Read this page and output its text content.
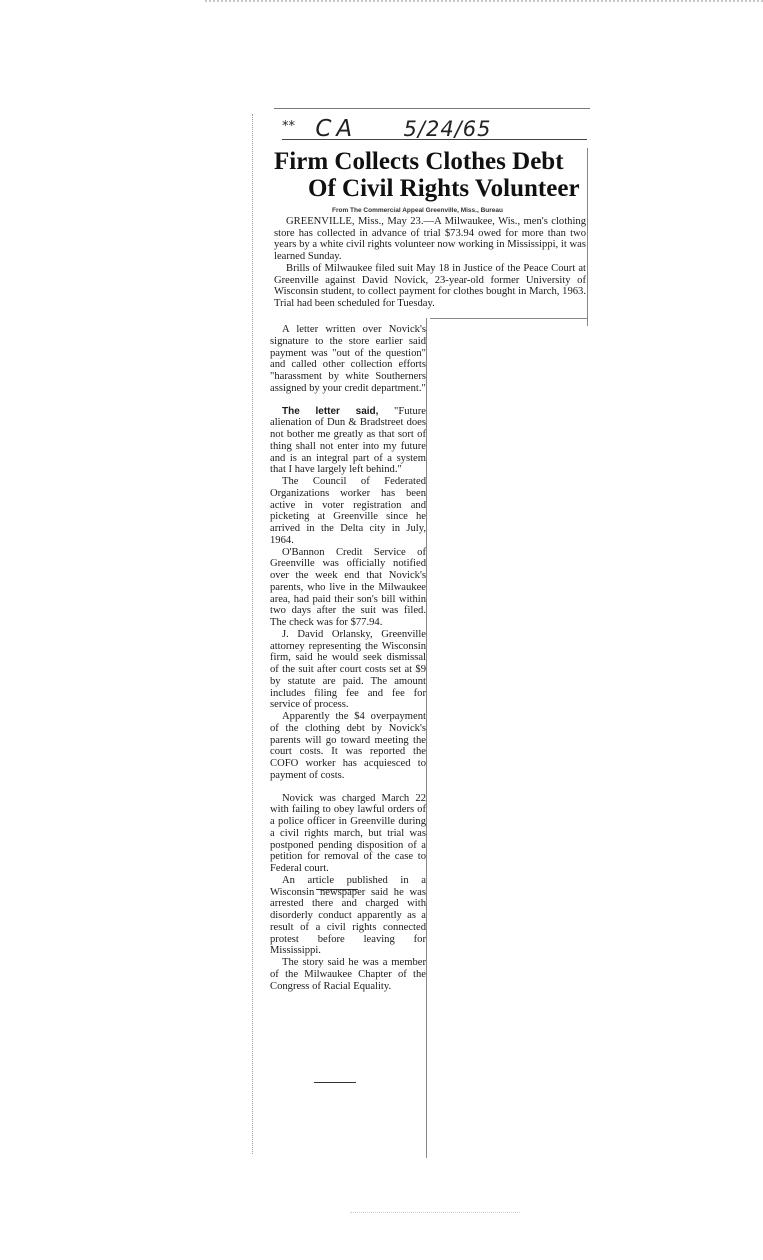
** CA 5/24/65
Firm Collects Clothes Debt
Of Civil Rights Volunteer
From The Commercial Appeal Greenville, Miss., Bureau

GREENVILLE, Miss., May 23.—A Milwaukee, Wis., men's clothing store has collected in advance of trial $73.94 owed for more than two years by a white civil rights volunteer now working in Mississippi, it was learned Sunday.

Brills of Milwaukee filed suit May 18 in Justice of the Peace Court at Greenville against David Novick, 23-year-old former University of Wisconsin student, to collect payment for clothes bought in March, 1963. Trial had been scheduled for Tuesday.

A letter written over Novick's signature to the store earlier said payment was "out of the question" and called other collection efforts "harassment by white Southerners assigned by your credit department."

The letter said, "Future alienation of Dun & Bradstreet does not bother me greatly as that sort of thing shall not enter into my future and is an integral part of a system that I have largely left behind."

The Council of Federated Organizations worker has been active in voter registration and picketing at Greenville since he arrived in the Delta city in July, 1964.

O'Bannon Credit Service of Greenville was officially notified over the week end that Novick's parents, who live in the Milwaukee area, had paid their son's bill within two days after the suit was filed. The check was for $77.94.

J. David Orlansky, Greenville attorney representing the Wisconsin firm, said he would seek dismissal of the suit after court costs set at $9 by statute are paid. The amount includes filing fee and fee for service of process.

Apparently the $4 overpayment of the clothing debt by Novick's parents will go toward meeting the court costs. It was reported the COFO worker has acquiesced to payment of costs.

Novick was charged March 22 with failing to obey lawful orders of a police officer in Greenville during a civil rights march, but trial was postponed pending disposition of a petition for removal of the case to Federal court.

An article published in a Wisconsin newspaper said he was arrested there and charged with disorderly conduct apparently as a result of a civil rights connected protest before leaving for Mississippi.

The story said he was a member of the Milwaukee Chapter of the Congress of Racial Equality.
